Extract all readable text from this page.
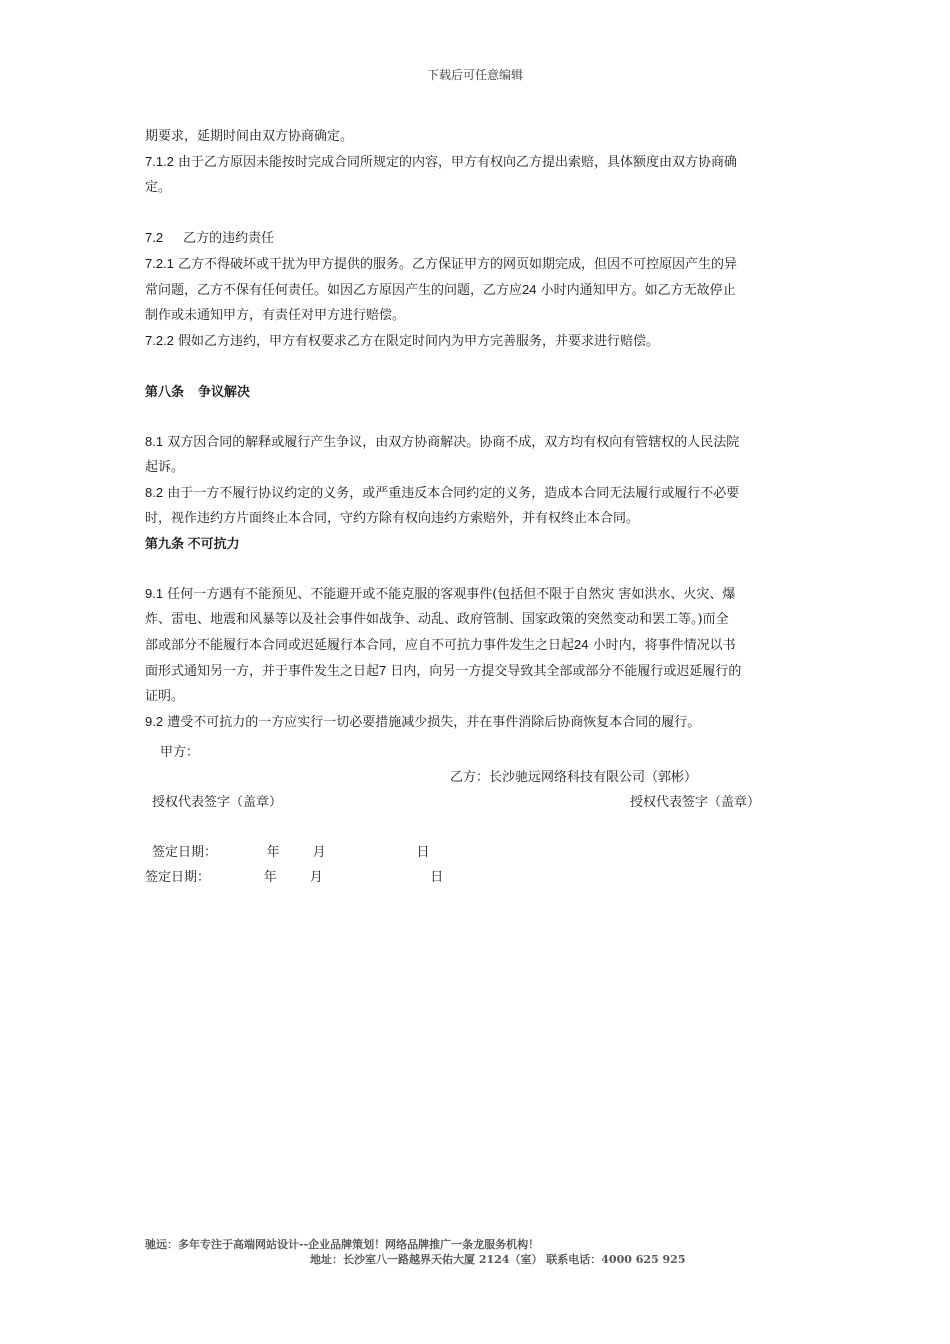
下载后可任意编辑

期要求，延期时间由双方协商确定。

7.1.2 由于乙方原因未能按时完成合同所规定的内容，甲方有权向乙方提出索赔，具体额度由双方协商确

定。

7.2 乙方的违约责任

7.2.1 乙方不得破坏或干扰为甲方提供的服务。乙方保证甲方的网页如期完成，但因不可控原因产生的异

常问题，乙方不保有任何责任。如因乙方原因产生的问题，乙方应24 小时内通知甲方。如乙方无故停止

制作或未通知甲方，有责任对甲方进行赔偿。

7.2.2 假如乙方违约，甲方有权要求乙方在限定时间内为甲方完善服务，并要求进行赔偿。

第八条 争议解决

8.1 双方因合同的解释或履行产生争议，由双方协商解决。协商不成，双方均有权向有管辖权的人民法院

起诉。

8.2 由于一方不履行协议约定的义务，或严重违反本合同约定的义务，造成本合同无法履行或履行不必要

时，视作违约方片面终止本合同，守约方除有权向违约方索赔外，并有权终止本合同。

第九条 不可抗力

9.1 任何一方遇有不能预见、不能避开或不能克服的客观事件(包括但不限于自然灾 害如洪水、火灾、爆

炸、雷电、地震和风暴等以及社会事件如战争、动乱、政府管制、国家政策的突然变动和罢工等。)而全

部或部分不能履行本合同或迟延履行本合同，应自不可抗力事件发生之日起24 小时内，将事件情况以书

面形式通知另一方，并于事件发生之日起7 日内，向另一方提交导致其全部或部分不能履行或迟延履行的

证明。

9.2 遭受不可抗力的一方应实行一切必要措施减少损失，并在事件消除后协商恢复本合同的履行。

甲方：
乙方：长沙驰远网络科技有限公司（郭彬）
授权代表签字（盖章）	授权代表签字（盖章）
签定日期：            年        月                      日
签定日期：             年        月                          日
驰远：多年专注于高端网站设计--企业品牌策划！网络品牌推广一条龙服务机构！
地址：长沙室八一路越界天佑大厦 2124（室） 联系电话：4000 625 925
